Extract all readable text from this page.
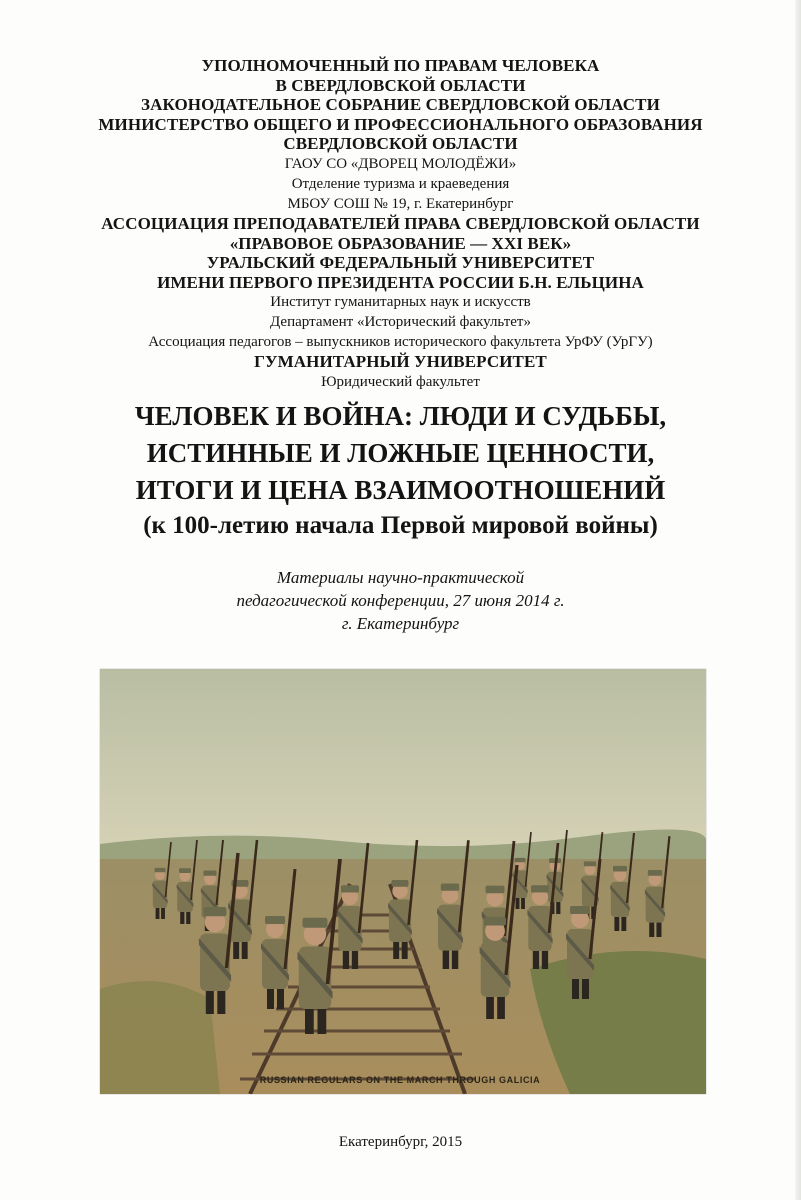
УПОЛНОМОЧЕННЫЙ ПО ПРАВАМ ЧЕЛОВЕКА
В СВЕРДЛОВСКОЙ ОБЛАСТИ
ЗАКОНОДАТЕЛЬНОЕ СОБРАНИЕ СВЕРДЛОВСКОЙ ОБЛАСТИ
МИНИСТЕРСТВО ОБЩЕГО И ПРОФЕССИОНАЛЬНОГО ОБРАЗОВАНИЯ
СВЕРДЛОВСКОЙ ОБЛАСТИ
ГАОУ СО «ДВОРЕЦ МОЛОДЁЖИ»
Отделение туризма и краеведения
МБОУ СОШ № 19, г. Екатеринбург
АССОЦИАЦИЯ ПРЕПОДАВАТЕЛЕЙ ПРАВА СВЕРДЛОВСКОЙ ОБЛАСТИ
«ПРАВОВОЕ ОБРАЗОВАНИЕ — XXI ВЕК»
УРАЛЬСКИЙ ФЕДЕРАЛЬНЫЙ УНИВЕРСИТЕТ
ИМЕНИ ПЕРВОГО ПРЕЗИДЕНТА РОССИИ Б.Н. ЕЛЬЦИНА
Институт гуманитарных наук и искусств
Департамент «Исторический факультет»
Ассоциация педагогов – выпускников исторического факультета УрФУ (УрГУ)
ГУМАНИТАРНЫЙ УНИВЕРСИТЕТ
Юридический факультет
ЧЕЛОВЕК И ВОЙНА: ЛЮДИ И СУДЬБЫ,
ИСТИННЫЕ И ЛОЖНЫЕ ЦЕННОСТИ,
ИТОГИ И ЦЕНА ВЗАИМООТНОШЕНИЙ
(к 100-летию начала Первой мировой войны)
Материалы научно-практической
педагогической конференции, 27 июня 2014 г.
г. Екатеринбург
RUSSIAN REGULARS ON THE MARCH THROUGH GALICIA
Екатеринбург, 2015
